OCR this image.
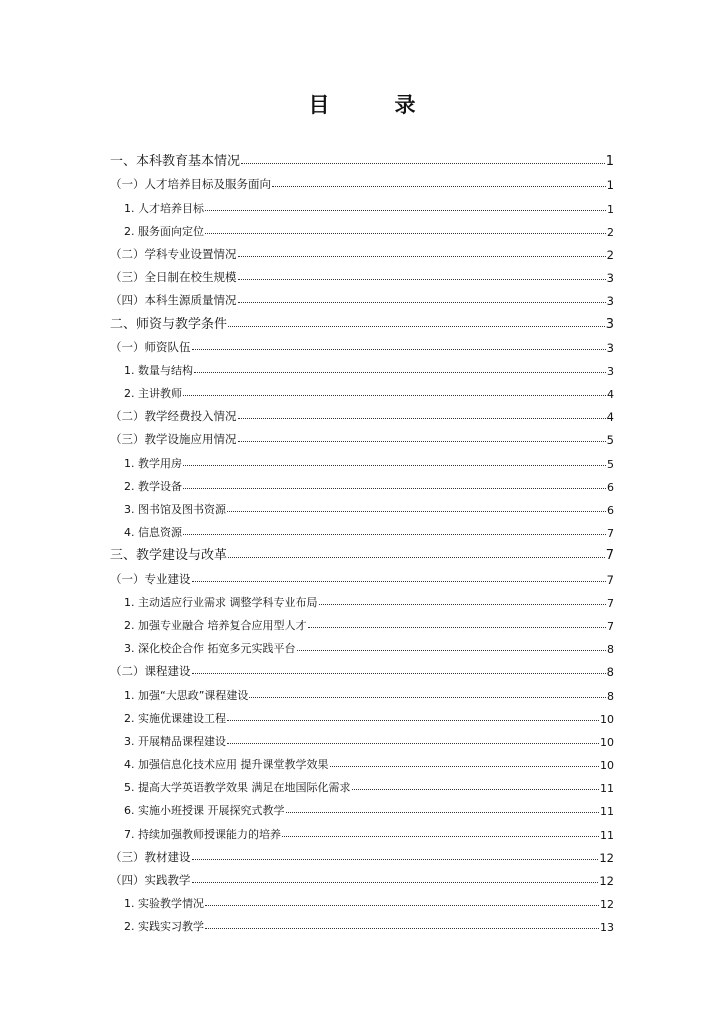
目　录
一、本科教育基本情况	1
（一）人才培养目标及服务面向	1
1. 人才培养目标	1
2. 服务面向定位	2
（二）学科专业设置情况	2
（三）全日制在校生规模	3
（四）本科生源质量情况	3
二、师资与教学条件	3
（一）师资队伍	3
1. 数量与结构	3
2. 主讲教师	4
（二）教学经费投入情况	4
（三）教学设施应用情况	5
1. 教学用房	5
2. 教学设备	6
3. 图书馆及图书资源	6
4. 信息资源	7
三、教学建设与改革	7
（一）专业建设	7
1. 主动适应行业需求 调整学科专业布局	7
2. 加强专业融合 培养复合应用型人才	7
3. 深化校企合作 拓宽多元实践平台	8
（二）课程建设	8
1. 加强“大思政”课程建设	8
2. 实施优课建设工程	10
3. 开展精品课程建设	10
4. 加强信息化技术应用 提升课堂教学效果	10
5. 提高大学英语教学效果 满足在地国际化需求	11
6. 实施小班授课 开展探究式教学	11
7. 持续加强教师授课能力的培养	11
（三）教材建设	12
（四）实践教学	12
1. 实验教学情况	12
2. 实践实习教学	13
